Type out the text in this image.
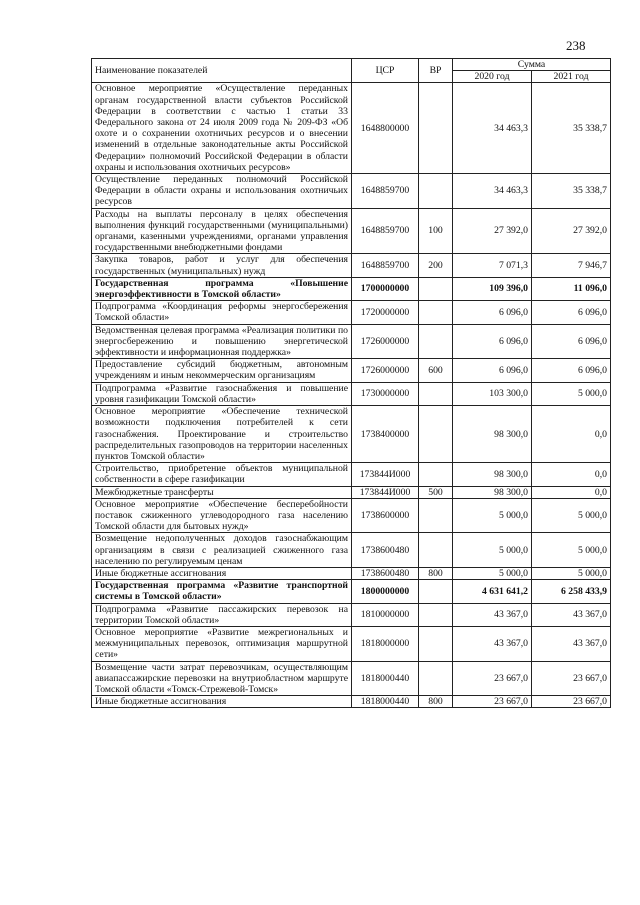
238
Наименование показателей	ЦСР	ВР	Сумма	
			2020 год	2021 год
Основное мероприятие «Осуществление переданных органам государственной власти субъектов Российской Федерации в соответствии с частью 1 статьи 33 Федерального закона от 24 июля 2009 года № 209-ФЗ «Об охоте и о сохранении охотничьих ресурсов и о внесении изменений в отдельные законодательные акты Российской Федерации» полномочий Российской Федерации в области охраны и использования охотничьих ресурсов»	1648800000		34 463,3	35 338,7
Осуществление переданных полномочий Российской Федерации в области охраны и использования охотничьих ресурсов	1648859700		34 463,3	35 338,7
Расходы на выплаты персоналу в целях обеспечения выполнения функций государственными (муниципальными) органами, казенными учреждениями, органами управления государственными внебюджетными фондами	1648859700	100	27 392,0	27 392,0
Закупка товаров, работ и услуг для обеспечения государственных (муниципальных) нужд	1648859700	200	7 071,3	7 946,7
Государственная программа «Повышение энергоэффективности в Томской области»	1700000000		109 396,0	11 096,0
Подпрограмма «Координация реформы энергосбережения Томской области»	1720000000		6 096,0	6 096,0
Ведомственная целевая программа «Реализация политики по энергосбережению и повышению энергетической эффективности и информационная поддержка»	1726000000		6 096,0	6 096,0
Предоставление субсидий бюджетным, автономным учреждениям и иным некоммерческим организациям	1726000000	600	6 096,0	6 096,0
Подпрограмма «Развитие газоснабжения и повышение уровня газификации Томской области»	1730000000		103 300,0	5 000,0
Основное мероприятие «Обеспечение технической возможности подключения потребителей к сети газоснабжения. Проектирование и строительство распределительных газопроводов на территории населенных пунктов Томской области»	1738400000		98 300,0	0,0
Строительство, приобретение объектов муниципальной собственности в сфере газификации	173844И000		98 300,0	0,0
Межбюджетные трансферты	173844И000	500	98 300,0	0,0
Основное мероприятие «Обеспечение бесперебойности поставок сжиженного углеводородного газа населению Томской области для бытовых нужд»	1738600000		5 000,0	5 000,0
Возмещение недополученных доходов газоснабжающим организациям в связи с реализацией сжиженного газа населению по регулируемым ценам	1738600480		5 000,0	5 000,0
Иные бюджетные ассигнования	1738600480	800	5 000,0	5 000,0
Государственная программа «Развитие транспортной системы в Томской области»	1800000000		4 631 641,2	6 258 433,9
Подпрограмма «Развитие пассажирских перевозок на территории Томской области»	1810000000		43 367,0	43 367,0
Основное мероприятие «Развитие межрегиональных и межмуниципальных перевозок, оптимизация маршрутной сети»	1818000000		43 367,0	43 367,0
Возмещение части затрат перевозчикам, осуществляющим авиапассажирские перевозки на внутриобластном маршруте Томской области «Томск-Стрежевой-Томск»	1818000440		23 667,0	23 667,0
Иные бюджетные ассигнования	1818000440	800	23 667,0	23 667,0
